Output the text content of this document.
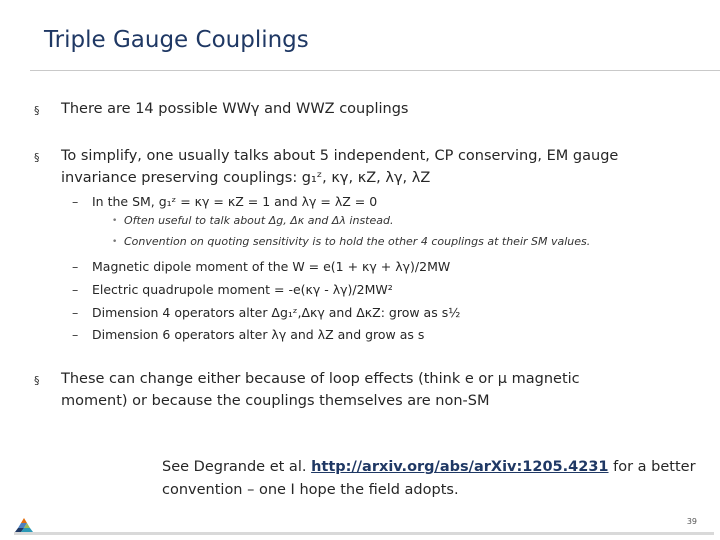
Triple Gauge Couplings
§ There are 14 possible WWγ and WWZ couplings
§ To simplify, one usually talks about 5 independent, CP conserving, EM gauge
invariance preserving couplings: g₁ᶻ, κγ, κZ, λγ, λZ
– In the SM, g₁ᶻ = κγ = κZ = 1 and λγ = λZ = 0
• Often useful to talk about Δg, Δκ and Δλ instead.
• Convention on quoting sensitivity is to hold the other 4 couplings at their SM values.
– Magnetic dipole moment of the W = e(1 + κγ + λγ)/2MW
– Electric quadrupole moment = -e(κγ - λγ)/2MW²
– Dimension 4 operators alter Δg₁ᶻ,Δκγ and ΔκZ: grow as s½
– Dimension 6 operators alter λγ and λZ and grow as s
§ These can change either because of loop effects (think e or μ magnetic
moment) or because the couplings themselves are non-SM
See Degrande et al. http://arxiv.org/abs/arXiv:1205.4231 for a better
convention – one I hope the field adopts.
39
